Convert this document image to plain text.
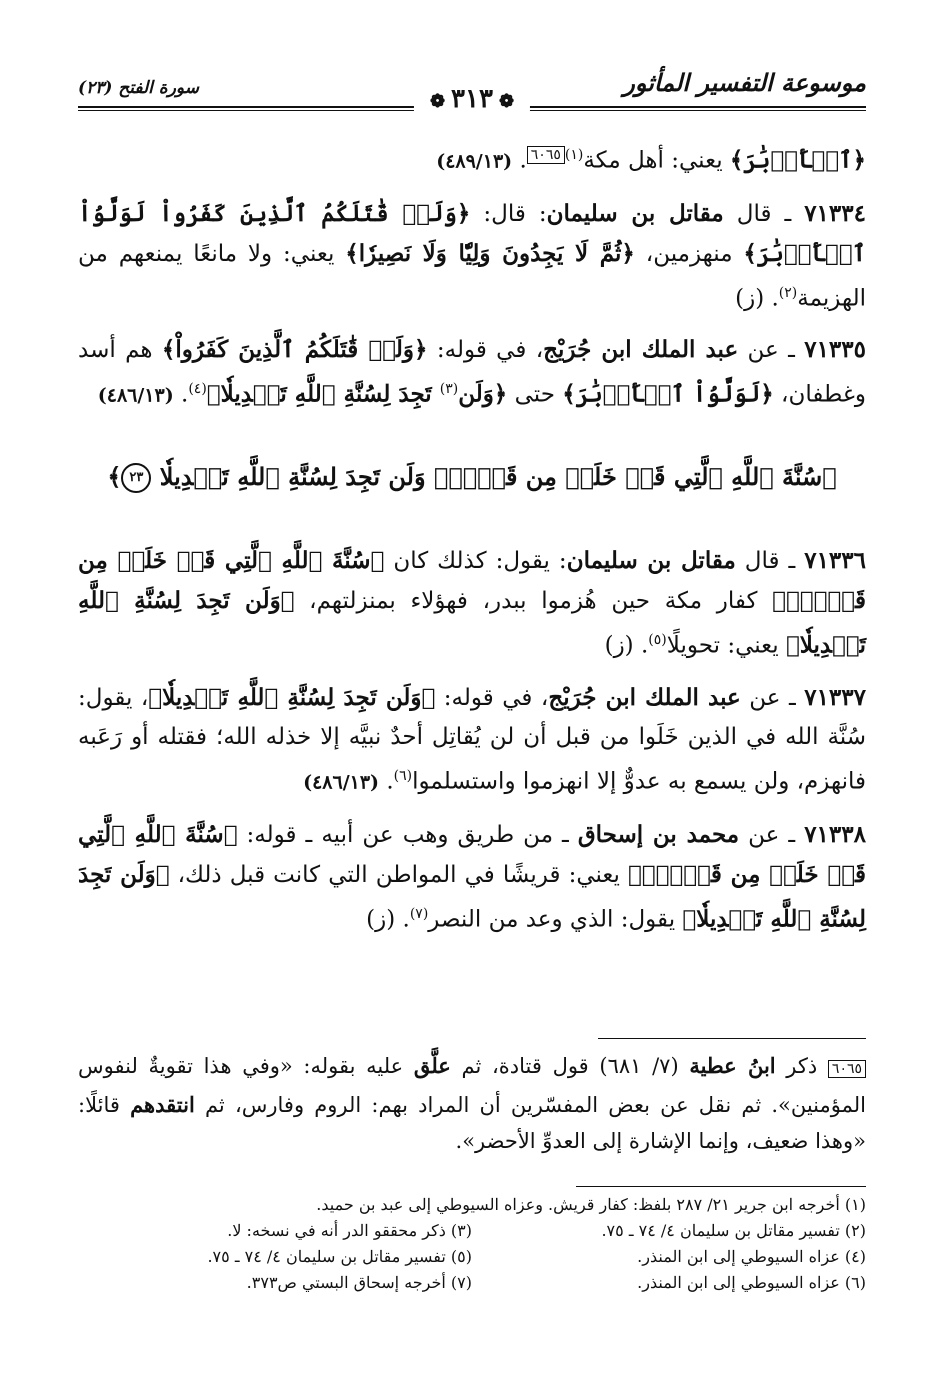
موسوعة التفسير المأثور
سورة الفتح (٢٣)
❁٣١٣❁

﴿ٱلۡأَدۡبَٰرَ﴾ يعني: أهل مكة$^{(١)٦٠٦٥}$. (٤٨٩/١٣)

٧١٣٣٤ ـ قال مقاتل بن سليمان: قال: ﴿وَلَوۡ قَٰتَلَكُمُ ٱلَّذِينَ كَفَرُواْ لَوَلَّوُاْ ٱلۡأَدۡبَٰرَ﴾ منهزمين، ﴿ثُمَّ لَا يَجِدُونَ وَلِيّٗا وَلَا نَصِيرٗا﴾ يعني: ولا مانعًا يمنعهم من الهزيمة$^{(٢)}$. (ز)

٧١٣٣٥ ـ عن عبد الملك ابن جُرَيْج، في قوله: ﴿وَلَوۡ قَٰتَلَكُمُ ٱلَّذِينَ كَفَرُواْ﴾ هم أسد وغطفان، ﴿لَوَلَّوُاْ ٱلۡأَدۡبَٰرَ﴾ حتى ﴿وَلَن$^{(٣)}$ تَجِدَ لِسُنَّةِ ٱللَّهِ تَبۡدِيلٗا﴾$^{(٤)}$. (٤٨٦/١٣)

﴿سُنَّةَ ٱللَّهِ ٱلَّتِي قَدۡ خَلَتۡ مِن قَبۡلُۖ وَلَن تَجِدَ لِسُنَّةِ ٱللَّهِ تَبۡدِيلٗا ٢٣﴾

٧١٣٣٦ ـ قال مقاتل بن سليمان: يقول: كذلك كان ﴿سُنَّةَ ٱللَّهِ ٱلَّتِي قَدۡ خَلَتۡ مِن قَبۡلُۖ﴾ كفار مكة حين هُزموا ببدر، فهؤلاء بمنزلتهم، ﴿وَلَن تَجِدَ لِسُنَّةِ ٱللَّهِ تَبۡدِيلٗا﴾ يعني: تحويلًا$^{(٥)}$. (ز)

٧١٣٣٧ ـ عن عبد الملك ابن جُرَيْج، في قوله: ﴿وَلَن تَجِدَ لِسُنَّةِ ٱللَّهِ تَبۡدِيلٗا﴾، يقول: سُنَّة الله في الذين خَلَوا من قبل أن لن يُقاتِل أحدٌ نبيَّه إلا خذله الله؛ فقتله أو رَعَبه فانهزم، ولن يسمع به عدوٌّ إلا انهزموا واستسلموا$^{(٦)}$. (٤٨٦/١٣)

٧١٣٣٨ ـ عن محمد بن إسحاق ـ من طريق وهب عن أبيه ـ قوله: ﴿سُنَّةَ ٱللَّهِ ٱلَّتِي قَدۡ خَلَتۡ مِن قَبۡلُۖ﴾ يعني: قريشًا في المواطن التي كانت قبل ذلك، ﴿وَلَن تَجِدَ لِسُنَّةِ ٱللَّهِ تَبۡدِيلٗا﴾ يقول: الذي وعد من النصر$^{(٧)}$. (ز)

٦٠٦٥ ذكر ابنُ عطية (٧/ ٦٨١) قول قتادة، ثم علَّق عليه بقوله: «وفي هذا تقويةٌ لنفوس المؤمنين». ثم نقل عن بعض المفسّرين أن المراد بهم: الروم وفارس، ثم انتقدهم قائلًا: «وهذا ضعيف، وإنما الإشارة إلى العدوِّ الأحضر».
(١) أخرجه ابن جرير ٢١/ ٢٨٧ بلفظ: كفار قريش. وعزاه السيوطي إلى عبد بن حميد.
(٢) تفسير مقاتل بن سليمان ٤/ ٧٤ ـ ٧٥.
(٣) ذكر محققو الدر أنه في نسخه: لا.
(٤) عزاه السيوطي إلى ابن المنذر.
(٥) تفسير مقاتل بن سليمان ٤/ ٧٤ ـ ٧٥.
(٦) عزاه السيوطي إلى ابن المنذر.
(٧) أخرجه إسحاق البستي ص٣٧٣.
